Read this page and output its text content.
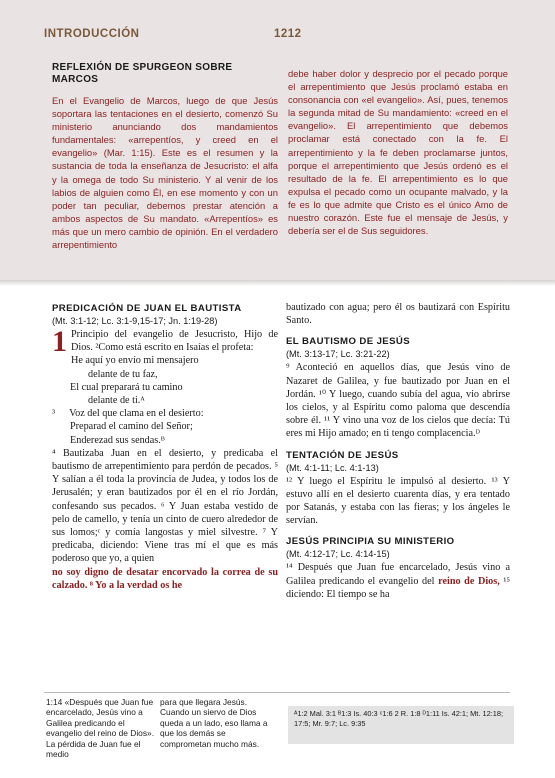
INTRODUCCIÓN	1212
REFLEXIÓN DE SPURGEON SOBRE MARCOS

En el Evangelio de Marcos, luego de que Jesús soportara las tentaciones en el desierto, comenzó Su ministerio anunciando dos mandamientos fundamentales: «arrepentíos, y creed en el evangelio» (Mar. 1:15). Este es el resumen y la sustancia de toda la enseñanza de Jesucristo: el alfa y la omega de todo Su ministerio. Y al venir de los labios de alguien como Él, en ese momento y con un poder tan peculiar, debemos prestar atención a ambos aspectos de Su mandato. «Arrepentíos» es más que un mero cambio de opinión. En el verdadero arrepentimiento

debe haber dolor y desprecio por el pecado porque el arrepentimiento que Jesús proclamó estaba en consonancia con «el evangelio». Así, pues, tenemos la segunda mitad de Su mandamiento: «creed en el evangelio». El arrepentimiento que debemos proclamar está conectado con la fe. El arrepentimiento y la fe deben proclamarse juntos, porque el arrepentimiento que Jesús ordenó es el resultado de la fe. El arrepentimiento es lo que expulsa el pecado como un ocupante malvado, y la fe es lo que admite que Cristo es el único Amo de nuestro corazón. Este fue el mensaje de Jesús, y debería ser el de Sus seguidores.

PREDICACIÓN DE JUAN EL BAUTISTA
(Mt. 3:1-12; Lc. 3:1-9,15-17; Jn. 1:19-28)

1 Principio del evangelio de Jesucristo, Hijo de Dios. ²Como está escrito en Isaías el profeta:

He aquí yo envío mi mensajero
delante de tu faz,
El cual preparará tu camino
delante de ti.ᴬ
³ Voz del que clama en el desierto:
Preparad el camino del Señor;
Enderezad sus sendas.ᴮ

⁴ Bautizaba Juan en el desierto, y predicaba el bautismo de arrepentimiento para perdón de pecados. ⁵ Y salían a él toda la provincia de Judea, y todos los de Jerusalén; y eran bautizados por él en el río Jordán, confesando sus pecados. ⁶ Y Juan estaba vestido de pelo de camello, y tenía un cinto de cuero alrededor de sus lomos;ᶜ y comía langostas y miel silvestre. ⁷ Y predicaba, diciendo: Viene tras mí el que es más poderoso que yo, a quien

no soy digno de desatar encorvado la correa de su calzado. ⁸ Yo a la verdad os he

bautizado con agua; pero él os bautizará con Espíritu Santo.

EL BAUTISMO DE JESÚS
(Mt. 3:13-17; Lc. 3:21-22)

⁹ Aconteció en aquellos días, que Jesús vino de Nazaret de Galilea, y fue bautizado por Juan en el Jordán. ¹⁰ Y luego, cuando subía del agua, vio abrirse los cielos, y al Espíritu como paloma que descendía sobre él. ¹¹ Y vino una voz de los cielos que decía: Tú eres mi Hijo amado; en ti tengo complacencia.ᴰ

TENTACIÓN DE JESÚS
(Mt. 4:1-11; Lc. 4:1-13)

¹² Y luego el Espíritu le impulsó al desierto. ¹³ Y estuvo allí en el desierto cuarenta días, y era tentado por Satanás, y estaba con las fieras; y los ángeles le servían.

JESÚS PRINCIPIA SU MINISTERIO
(Mt. 4:12-17; Lc. 4:14-15)

¹⁴ Después que Juan fue encarcelado, Jesús vino a Galilea predicando el evangelio del reino de Dios, ¹⁵ diciendo: El tiempo se ha

1:14 «Después que Juan fue encarcelado, Jesús vino a Galilea predicando el evangelio del reino de Dios». La pérdida de Juan fue el medio
para que llegara Jesús. Cuando un siervo de Dios queda a un lado, eso llama a que los demás se comprometan mucho más.
ᴬ1:2 Mal. 3:1 ᴮ1:3 Is. 40:3 ᶜ1:6 2 R. 1:8 ᴰ1:11 Is. 42:1; Mt. 12:18; 17:5; Mr. 9:7; Lc. 9:35
